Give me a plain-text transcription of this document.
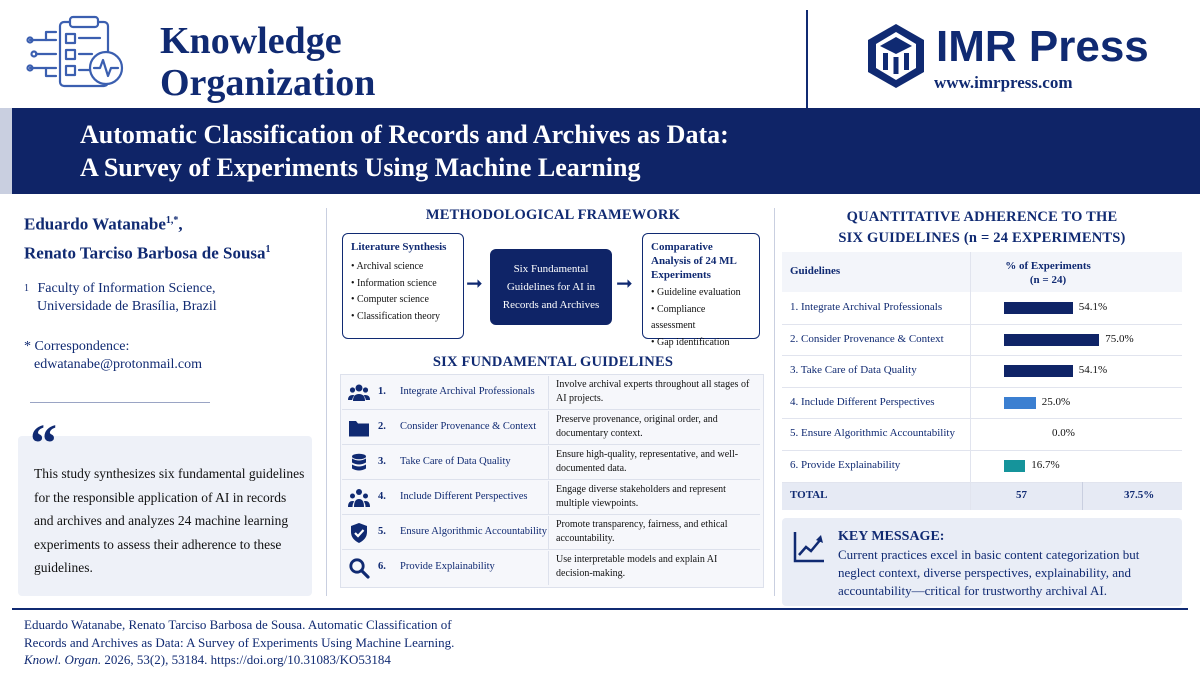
Knowledge
Organization
IMR Press
www.imrpress.com
Automatic Classification of Records and Archives as Data:
A Survey of Experiments Using Machine Learning
Eduardo Watanabe$^{1,*}$,
Renato Tarciso Barbosa de Sousa$^1$
1
Faculty of Information Science,
Universidade de Brasília, Brazil
* Correspondence:
edwatanabe@protonmail.com
“
This study synthesizes six fundamental guidelines for the responsible application of AI in records and archives and analyzes 24 machine learning experiments to assess their adherence to these guidelines.
METHODOLOGICAL FRAMEWORK
Literature Synthesis
• Archival science
• Information science
• Computer science
• Classification theory
➞
Six Fundamental Guidelines for AI in Records and Archives
➞
Comparative Analysis of 24 ML Experiments
• Guideline evaluation
• Compliance assessment
• Gap identification
SIX FUNDAMENTAL GUIDELINES
1. Integrate Archival Professionals
Involve archival experts throughout all stages of AI projects.
2. Consider Provenance & Context
Preserve provenance, original order, and documentary context.
3. Take Care of Data Quality
Ensure high-quality, representative, and well-documented data.
4. Include Different Perspectives
Engage diverse stakeholders and represent multiple viewpoints.
5. Ensure Algorithmic Accountability
Promote transparency, fairness, and ethical accountability.
6. Provide Explainability
Use interpretable models and explain AI decision-making.
QUANTITATIVE ADHERENCE TO THE
SIX GUIDELINES (n = 24 EXPERIMENTS)
Guidelines	% of Experiments
(n = 24)
1. Integrate Archival Professionals	54.1%
2. Consider Provenance & Context	75.0%
3. Take Care of Data Quality	54.1%
4. Include Different Perspectives	25.0%
5. Ensure Algorithmic Accountability	0.0%
6. Provide Explainability	16.7%
TOTAL	57	37.5%
KEY MESSAGE:
Current practices excel in basic content categorization but neglect context, diverse perspectives, explainability, and accountability—critical for trustworthy archival AI.
Eduardo Watanabe, Renato Tarciso Barbosa de Sousa. Automatic Classification of
Records and Archives as Data: A Survey of Experiments Using Machine Learning.
Knowl. Organ. 2026, 53(2), 53184. https://doi.org/10.31083/KO53184
